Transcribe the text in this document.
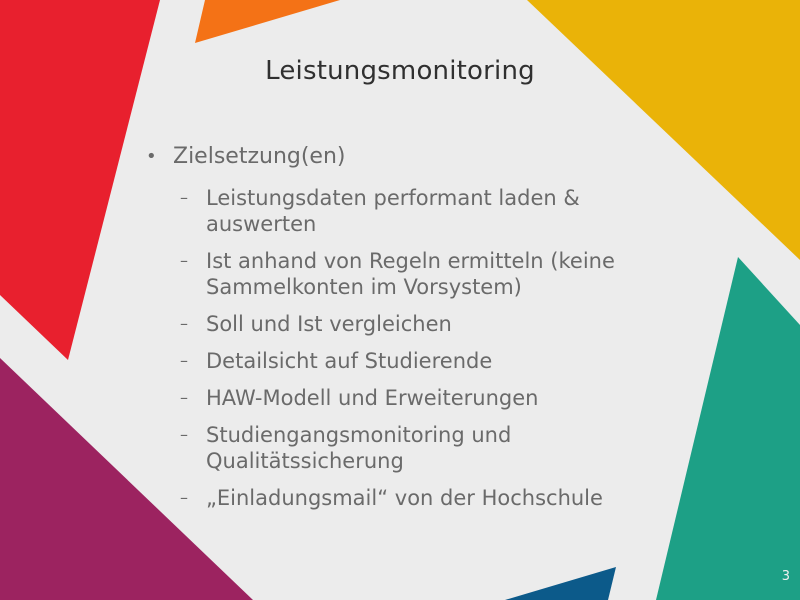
Leistungsmonitoring
• Zielsetzung(en)
– Leistungsdaten performant laden & auswerten
– Ist anhand von Regeln ermitteln (keine Sammelkonten im Vorsystem)
– Soll und Ist vergleichen
– Detailsicht auf Studierende
– HAW-Modell und Erweiterungen
– Studiengangsmonitoring und Qualitätssicherung
– „Einladungsmail“ von der Hochschule
3
